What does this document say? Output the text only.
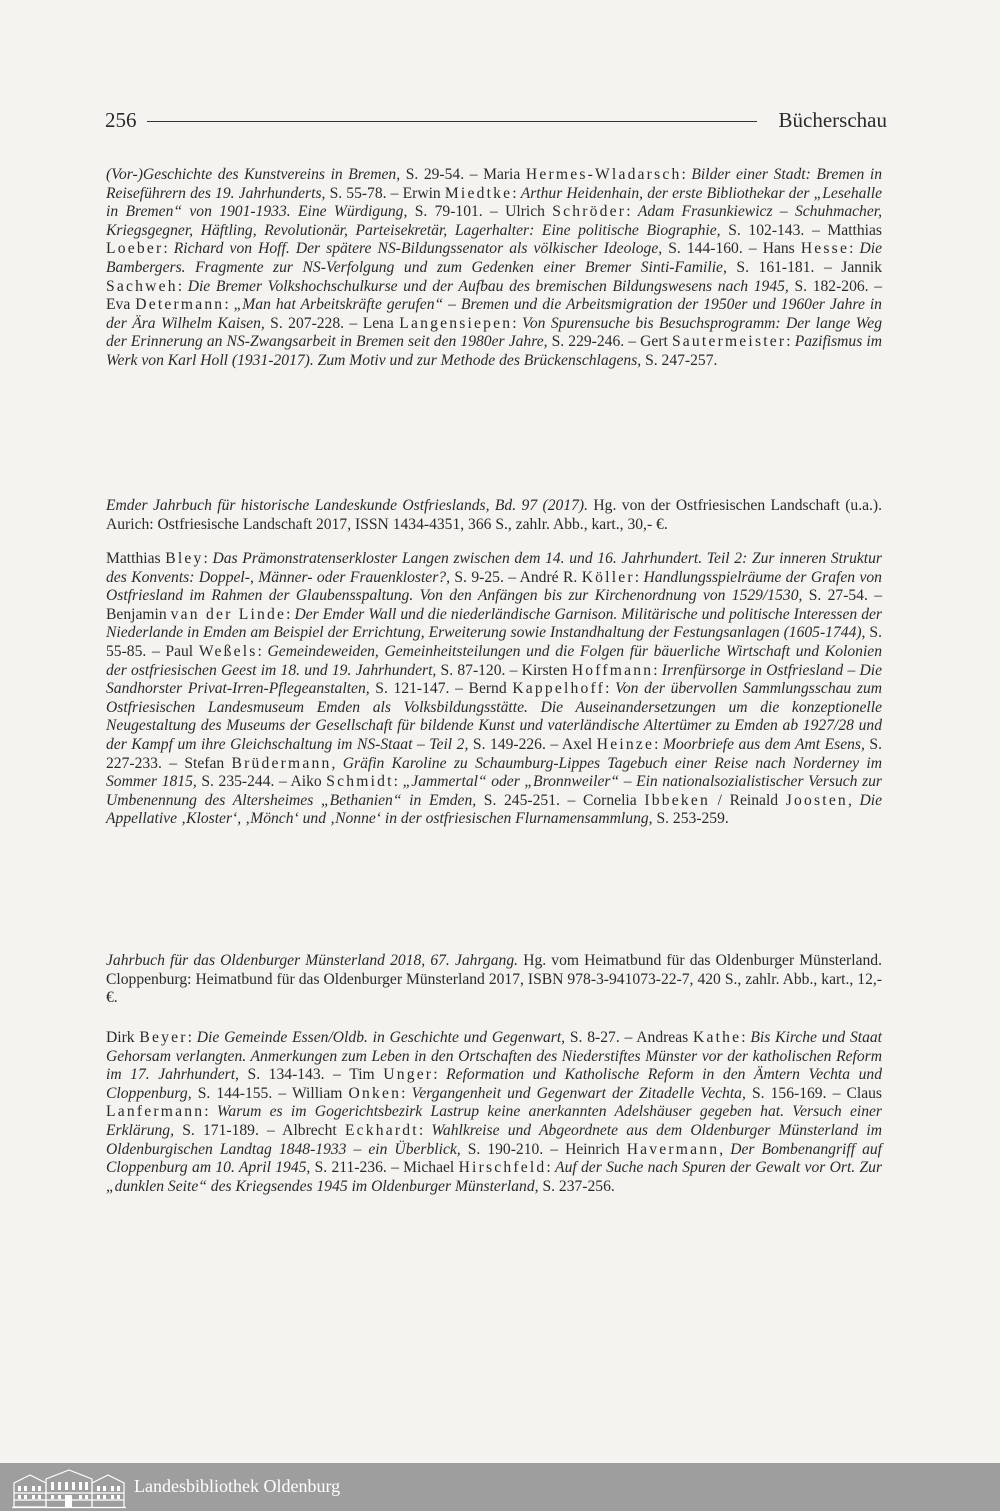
256	Bücherschau

(Vor-)Geschichte des Kunstvereins in Bremen, S. 29-54. – Maria Hermes-Wladarsch: Bilder einer Stadt: Bremen in Reiseführern des 19. Jahrhunderts, S. 55-78. – Erwin Miedtke: Arthur Heidenhain, der erste Bibliothekar der „Lesehalle in Bremen“ von 1901-1933. Eine Würdigung, S. 79-101. – Ulrich Schröder: Adam Frasunkiewicz – Schuhmacher, Kriegsgegner, Häftling, Revolutionär, Parteisekretär, Lagerhalter: Eine politische Biographie, S. 102-143. – Matthias Loeber: Richard von Hoff. Der spätere NS-Bildungssenator als völkischer Ideologe, S. 144-160. – Hans Hesse: Die Bambergers. Fragmente zur NS-Verfolgung und zum Gedenken einer Bremer Sinti-Familie, S. 161-181. – Jannik Sachweh: Die Bremer Volkshochschulkurse und der Aufbau des bremischen Bildungswesens nach 1945, S. 182-206. – Eva Determann: „Man hat Arbeitskräfte gerufen“ – Bremen und die Arbeitsmigration der 1950er und 1960er Jahre in der Ära Wilhelm Kaisen, S. 207-228. – Lena Langensiepen: Von Spurensuche bis Besuchsprogramm: Der lange Weg der Erinnerung an NS-Zwangsarbeit in Bremen seit den 1980er Jahre, S. 229-246. – Gert Sautermeister: Pazifismus im Werk von Karl Holl (1931-2017). Zum Motiv und zur Methode des Brückenschlagens, S. 247-257.

Emder Jahrbuch für historische Landeskunde Ostfrieslands, Bd. 97 (2017). Hg. von der Ostfriesischen Landschaft (u.a.). Aurich: Ostfriesische Landschaft 2017, ISSN 1434-4351, 366 S., zahlr. Abb., kart., 30,- €.

Matthias Bley: Das Prämonstratenserkloster Langen zwischen dem 14. und 16. Jahrhundert. Teil 2: Zur inneren Struktur des Konvents: Doppel-, Männer- oder Frauenkloster?, S. 9-25. – André R. Köller: Handlungsspielräume der Grafen von Ostfriesland im Rahmen der Glaubensspaltung. Von den Anfängen bis zur Kirchenordnung von 1529/1530, S. 27-54. – Benjamin van der Linde: Der Emder Wall und die niederländische Garnison. Militärische und politische Interessen der Niederlande in Emden am Beispiel der Errichtung, Erweiterung sowie Instandhaltung der Festungsanlagen (1605-1744), S. 55-85. – Paul Weßels: Gemeindeweiden, Gemeinheitsteilungen und die Folgen für bäuerliche Wirtschaft und Kolonien der ostfriesischen Geest im 18. und 19. Jahrhundert, S. 87-120. – Kirsten Hoffmann: Irrenfürsorge in Ostfriesland – Die Sandhorster Privat-Irren-Pflegeanstalten, S. 121-147. – Bernd Kappelhoff: Von der übervollen Sammlungsschau zum Ostfriesischen Landesmuseum Emden als Volksbildungsstätte. Die Auseinandersetzungen um die konzeptionelle Neugestaltung des Museums der Gesellschaft für bildende Kunst und vaterländische Altertümer zu Emden ab 1927/28 und der Kampf um ihre Gleichschaltung im NS-Staat – Teil 2, S. 149-226. – Axel Heinze: Moorbriefe aus dem Amt Esens, S. 227-233. – Stefan Brüdermann, Gräfin Karoline zu Schaumburg-Lippes Tagebuch einer Reise nach Norderney im Sommer 1815, S. 235-244. – Aiko Schmidt: „Jammertal“ oder „Bronnweiler“ – Ein nationalsozialistischer Versuch zur Umbenennung des Altersheimes „Bethanien“ in Emden, S. 245-251. – Cornelia Ibbeken / Reinald Joosten, Die Appellative ‚Kloster‘, ‚Mönch‘ und ‚Nonne‘ in der ostfriesischen Flurnamensammlung, S. 253-259.

Jahrbuch für das Oldenburger Münsterland 2018, 67. Jahrgang. Hg. vom Heimatbund für das Oldenburger Münsterland. Cloppenburg: Heimatbund für das Oldenburger Münsterland 2017, ISBN 978-3-941073-22-7, 420 S., zahlr. Abb., kart., 12,- €.

Dirk Beyer: Die Gemeinde Essen/Oldb. in Geschichte und Gegenwart, S. 8-27. – Andreas Kathe: Bis Kirche und Staat Gehorsam verlangten. Anmerkungen zum Leben in den Ortschaften des Niederstiftes Münster vor der katholischen Reform im 17. Jahrhundert, S. 134-143. – Tim Unger: Reformation und Katholische Reform in den Ämtern Vechta und Cloppenburg, S. 144-155. – William Onken: Vergangenheit und Gegenwart der Zitadelle Vechta, S. 156-169. – Claus Lanfermann: Warum es im Gogerichtsbezirk Lastrup keine anerkannten Adelshäuser gegeben hat. Versuch einer Erklärung, S. 171-189. – Albrecht Eckhardt: Wahlkreise und Abgeordnete aus dem Oldenburger Münsterland im Oldenburgischen Landtag 1848-1933 – ein Überblick, S. 190-210. – Heinrich Havermann, Der Bombenangriff auf Cloppenburg am 10. April 1945, S. 211-236. – Michael Hirschfeld: Auf der Suche nach Spuren der Gewalt vor Ort. Zur „dunklen Seite“ des Kriegsendes 1945 im Oldenburger Münsterland, S. 237-256.

Landesbibliothek Oldenburg
